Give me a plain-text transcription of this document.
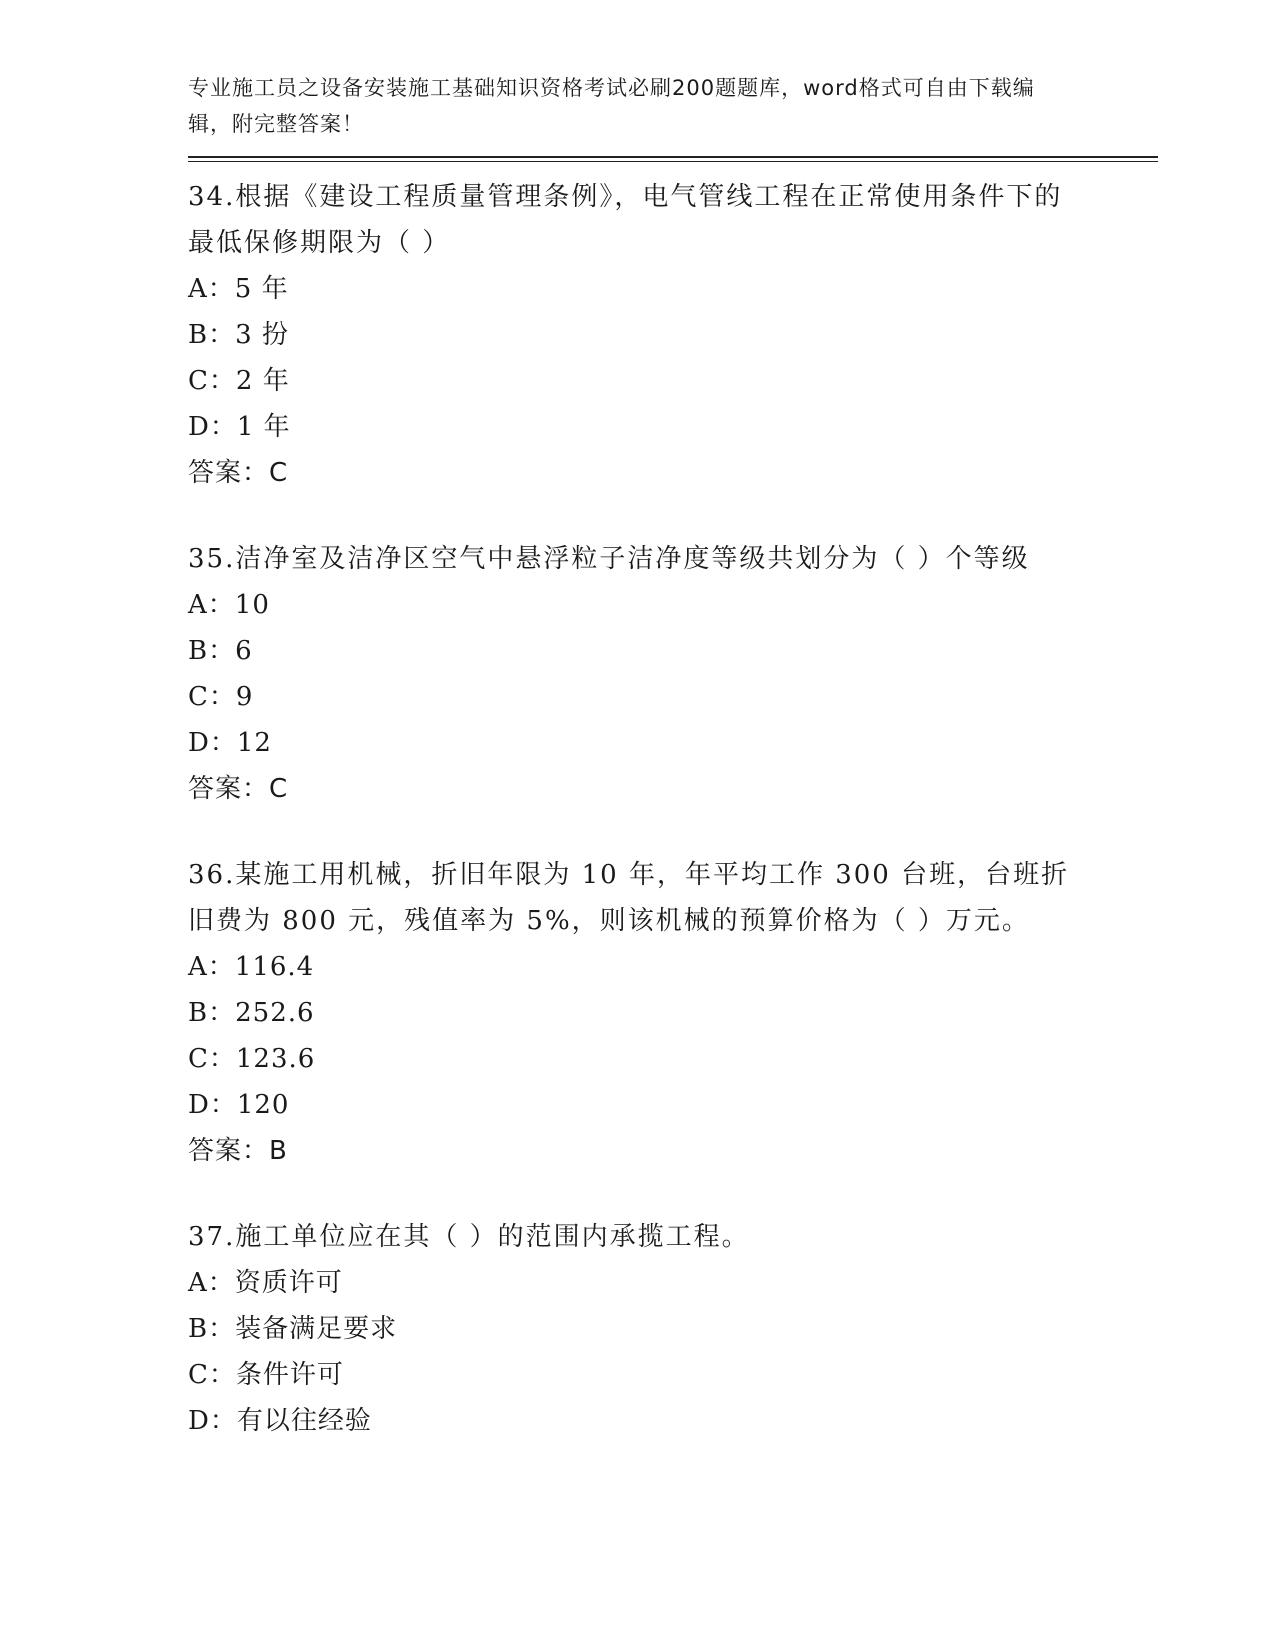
专业施工员之设备安装施工基础知识资格考试必刷200题题库，word格式可自由下载编辑，附完整答案！
34.根据《建设工程质量管理条例》，电气管线工程在正常使用条件下的最低保修期限为（ ）
A：5 年
B：3 扮
C：2 年
D：1 年
答案：C
35.洁净室及洁净区空气中悬浮粒子洁净度等级共划分为（ ）个等级
A：10
B：6
C：9
D：12
答案：C
36.某施工用机械，折旧年限为 10 年，年平均工作 300 台班，台班折旧费为 800 元，残值率为 5%，则该机械的预算价格为（ ）万元。
A：116.4
B：252.6
C：123.6
D：120
答案：B
37.施工单位应在其（ ）的范围内承揽工程。
A：资质许可
B：装备满足要求
C：条件许可
D：有以往经验
